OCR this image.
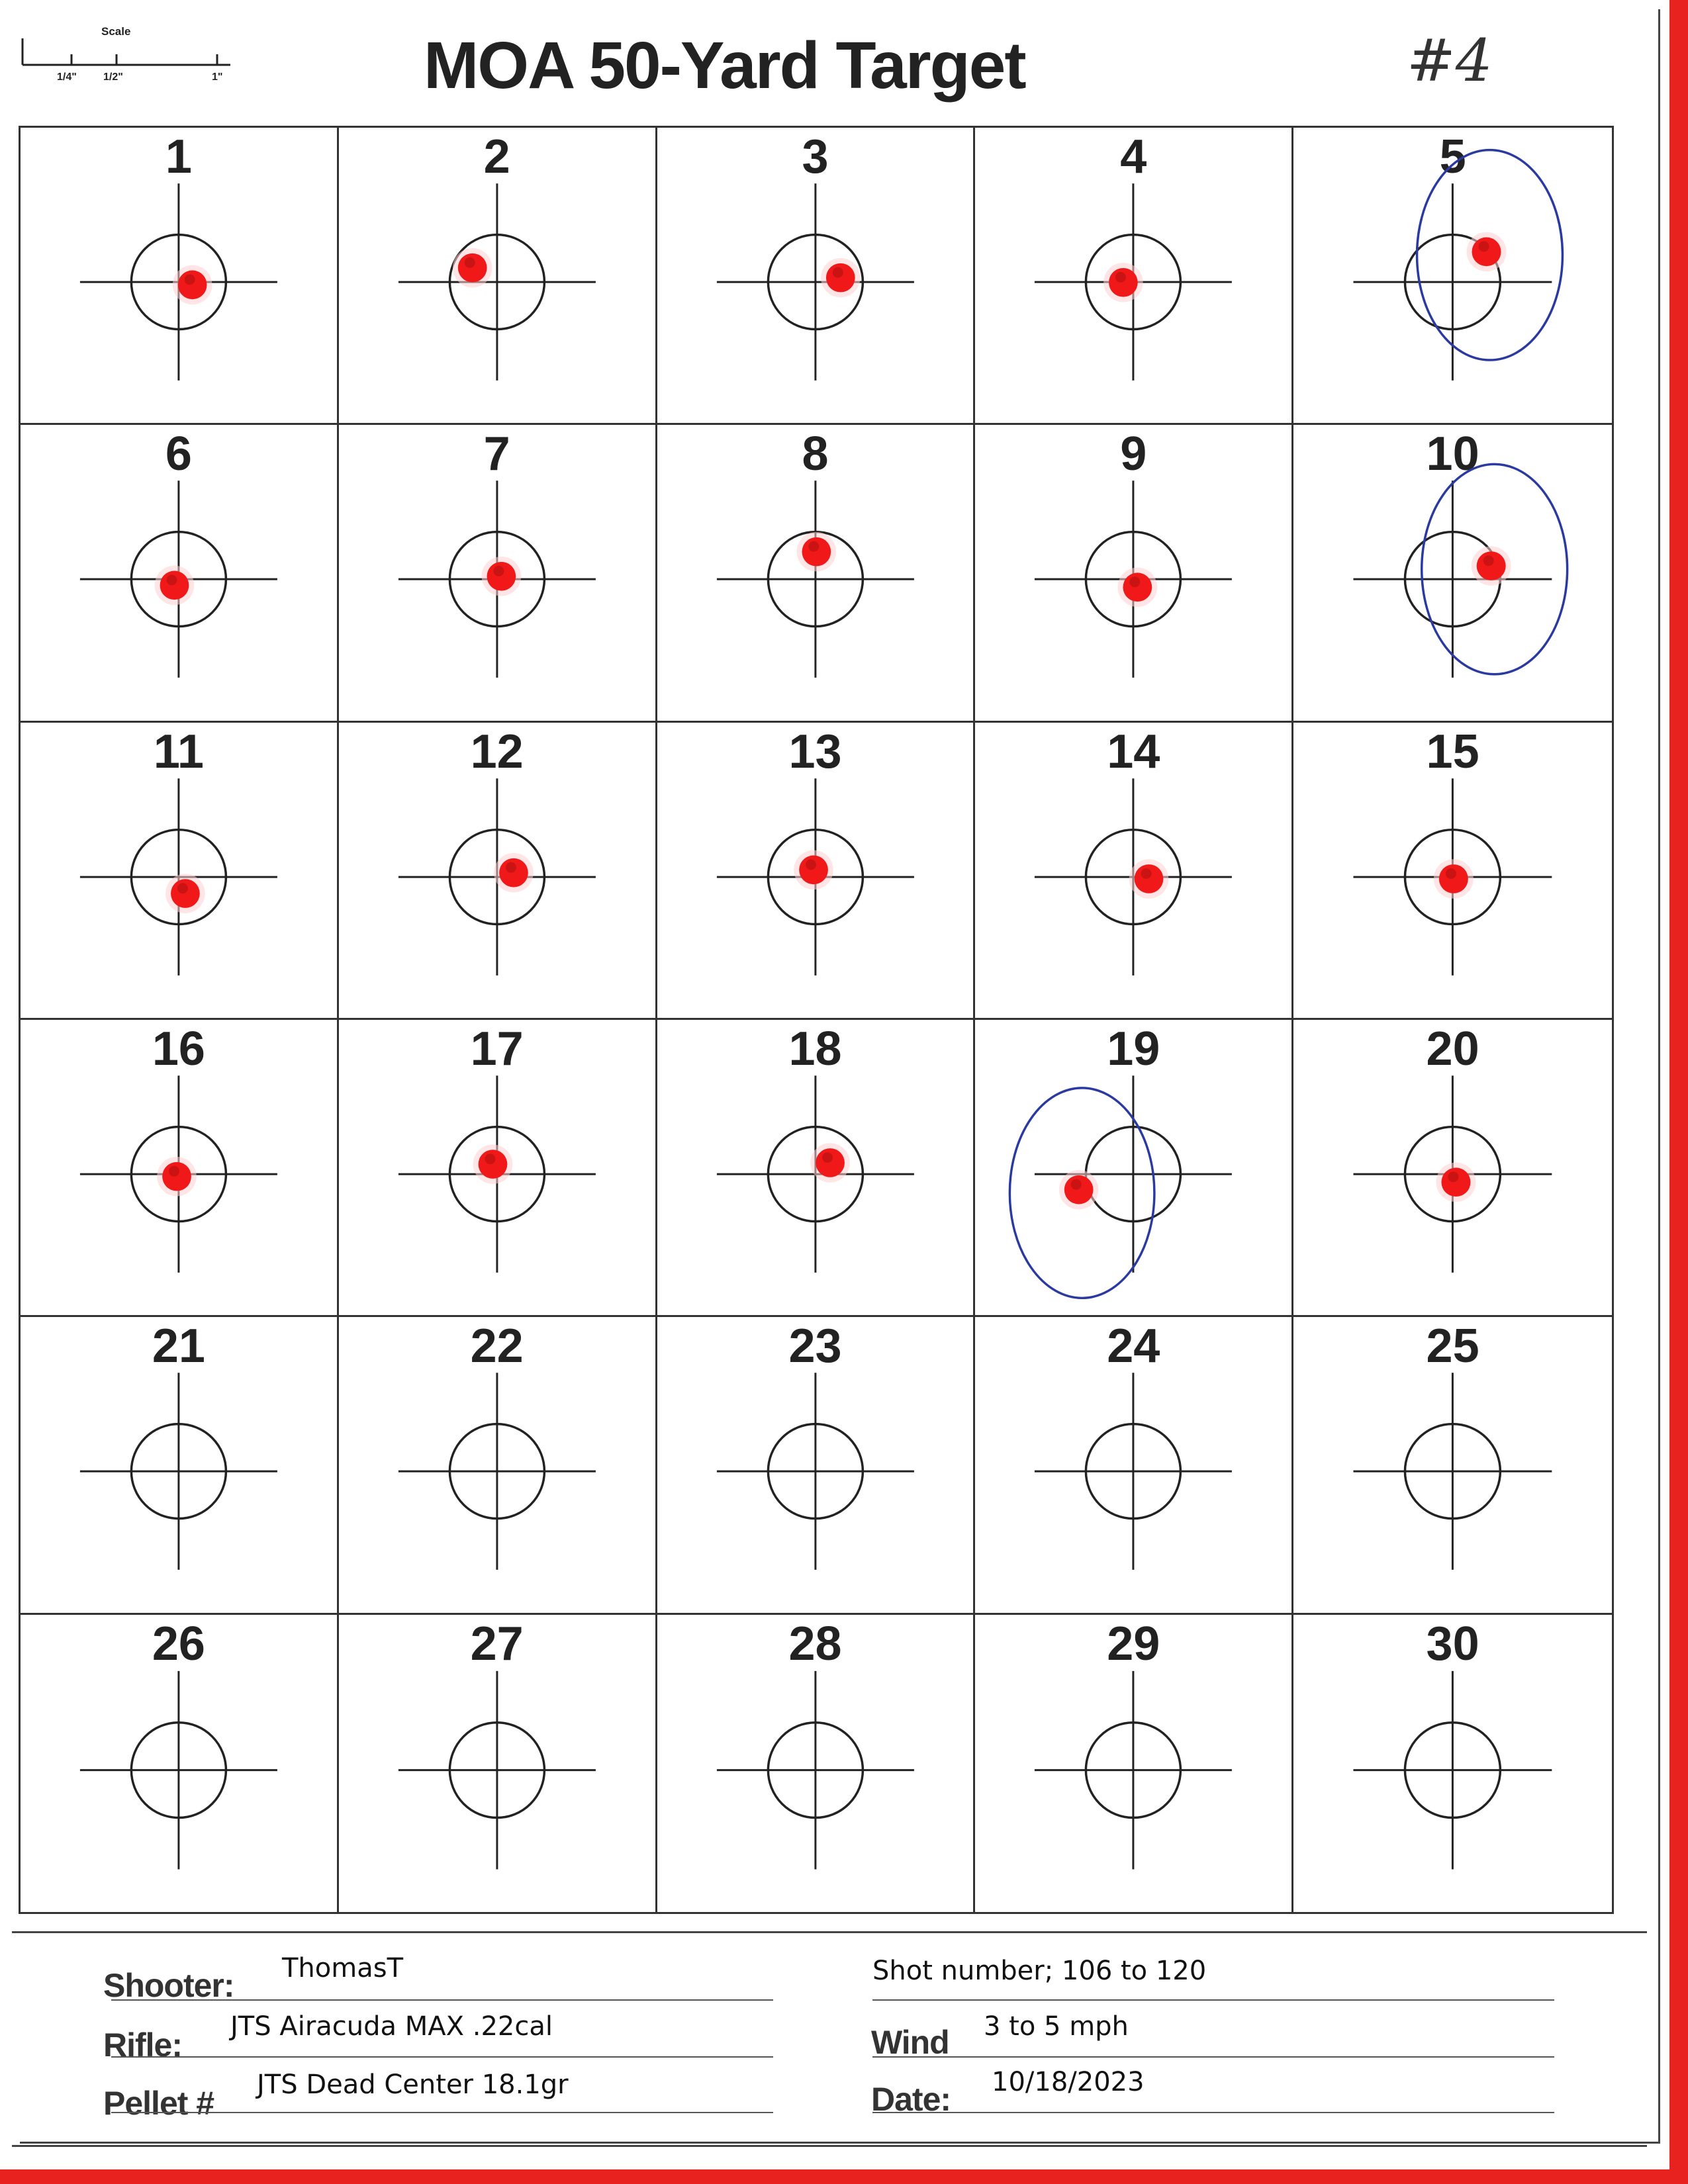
Scale
1/4"	1/2"	1"	MOA 50-Yard Target	#4
1	2	3	4	5
6	7	8	9	10
11	12	13	14	15
16	17	18	19	20
21	22	23	24	25
26	27	28	29	30
Shooter: ThomasT
Rifle: JTS Airacuda MAX .22cal
Pellet # JTS Dead Center 18.1gr
Shot number; 106 to 120
Wind 3 to 5 mph
Date: 10/18/2023
